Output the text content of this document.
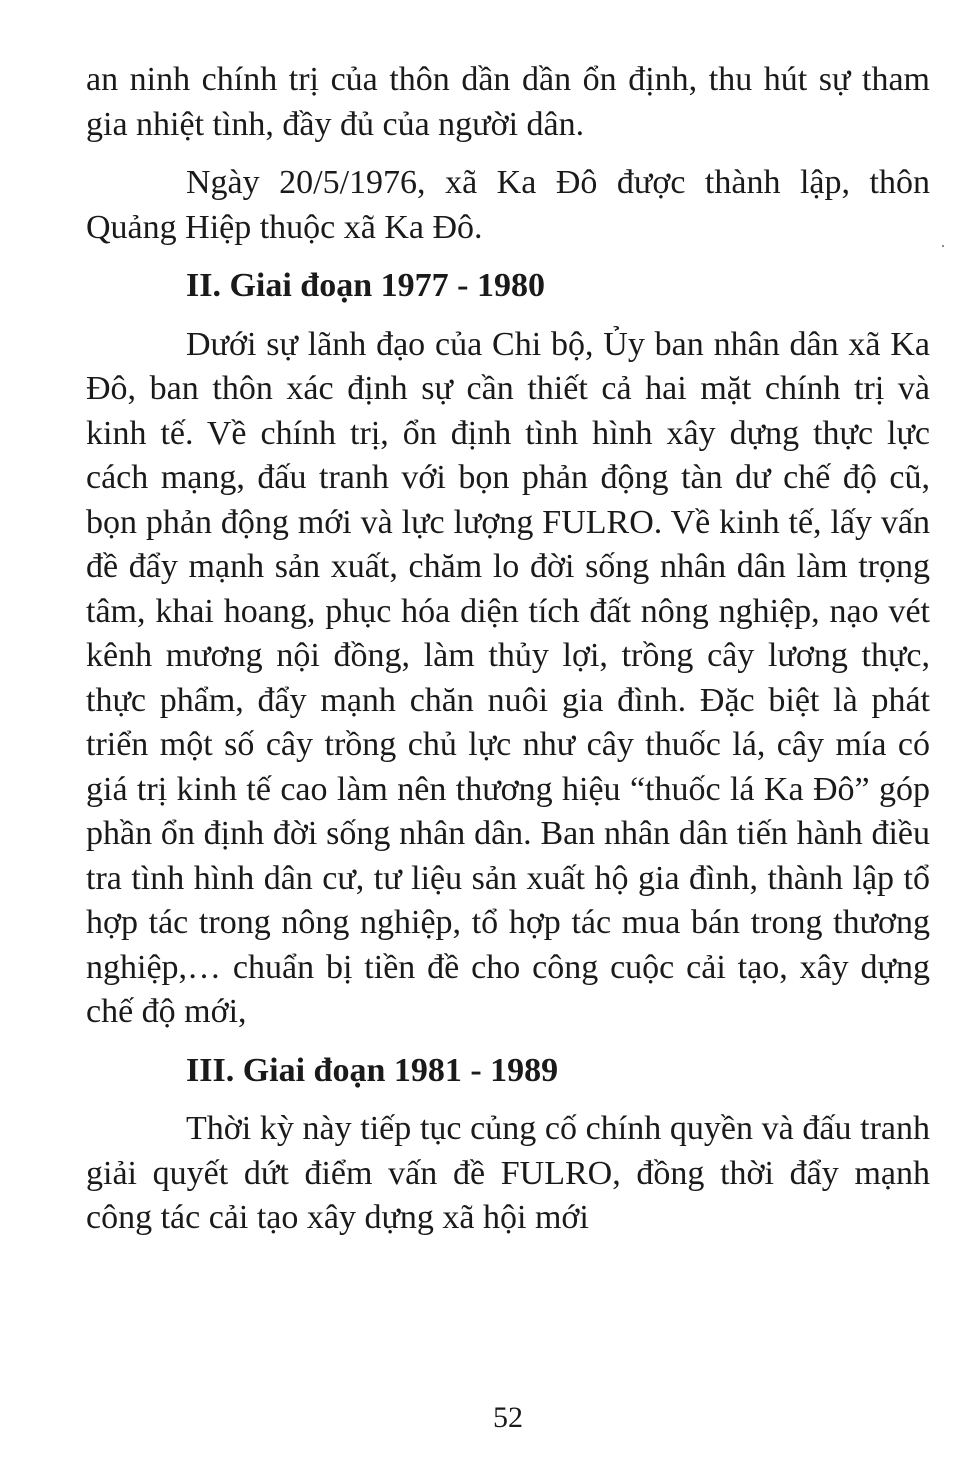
an ninh chính trị của thôn dần dần ổn định, thu hút sự tham gia nhiệt tình, đầy đủ của người dân.

Ngày 20/5/1976, xã Ka Đô được thành lập, thôn Quảng Hiệp thuộc xã Ka Đô.

II. Giai đoạn 1977 - 1980

Dưới sự lãnh đạo của Chi bộ, Ủy ban nhân dân xã Ka Đô, ban thôn xác định sự cần thiết cả hai mặt chính trị và kinh tế. Về chính trị, ổn định tình hình xây dựng thực lực cách mạng, đấu tranh với bọn phản động tàn dư chế độ cũ, bọn phản động mới và lực lượng FULRO. Về kinh tế, lấy vấn đề đẩy mạnh sản xuất, chăm lo đời sống nhân dân làm trọng tâm, khai hoang, phục hóa diện tích đất nông nghiệp, nạo vét kênh mương nội đồng, làm thủy lợi, trồng cây lương thực, thực phẩm, đẩy mạnh chăn nuôi gia đình. Đặc biệt là phát triển một số cây trồng chủ lực như cây thuốc lá, cây mía có giá trị kinh tế cao làm nên thương hiệu “thuốc lá Ka Đô” góp phần ổn định đời sống nhân dân. Ban nhân dân tiến hành điều tra tình hình dân cư, tư liệu sản xuất hộ gia đình, thành lập tổ hợp tác trong nông nghiệp, tổ hợp tác mua bán trong thương nghiệp,… chuẩn bị tiền đề cho công cuộc cải tạo, xây dựng chế độ mới,

III. Giai đoạn 1981 - 1989

Thời kỳ này tiếp tục củng cố chính quyền và đấu tranh giải quyết dứt điểm vấn đề FULRO, đồng thời đẩy mạnh công tác cải tạo xây dựng xã hội mới

52
